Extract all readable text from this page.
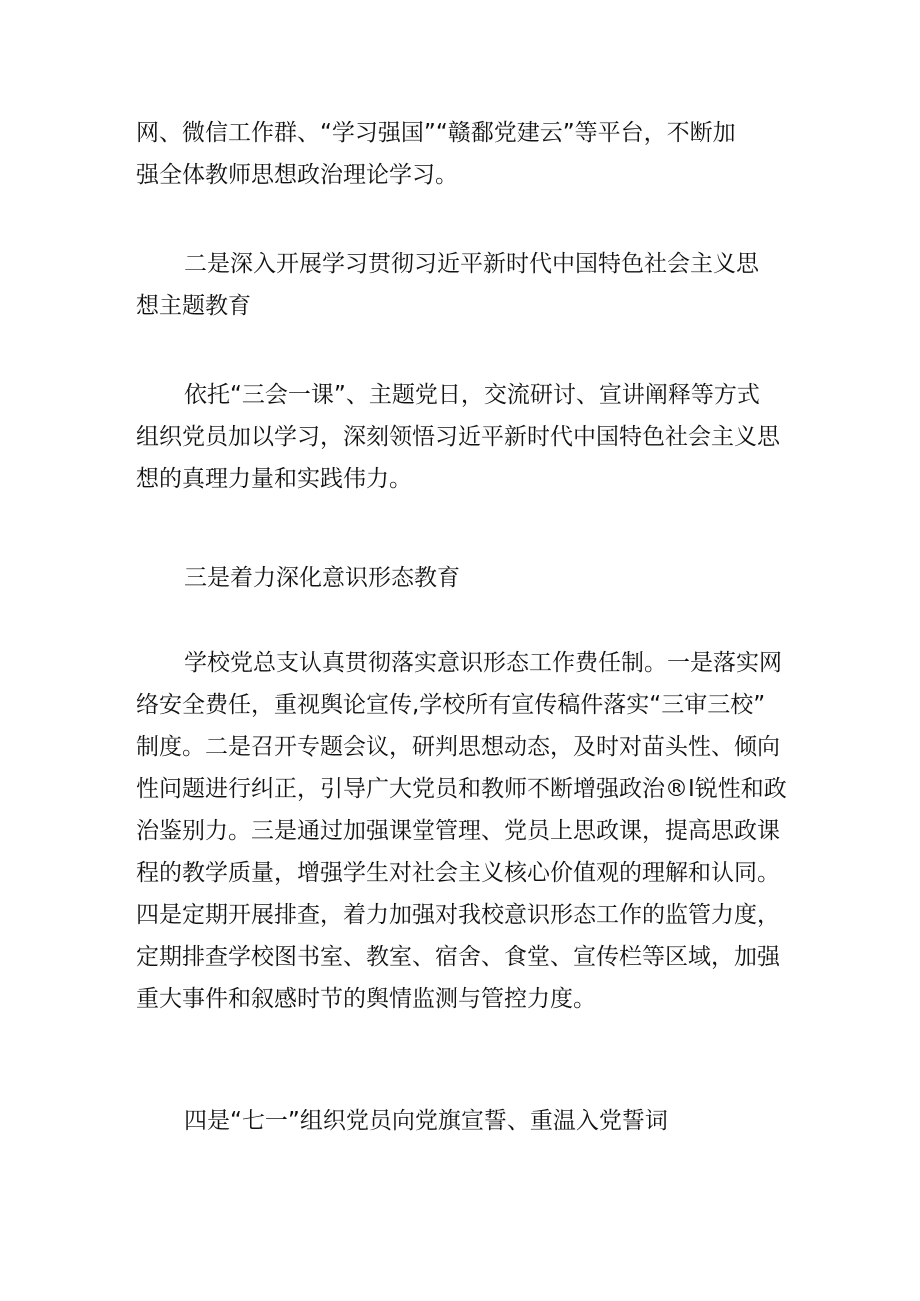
网、微信工作群、“学习强国”“赣鄱党建云”等平台，不断加
强全体教师思想政治理论学习。
二是深入开展学习贯彻习近平新时代中国特色社会主义思
想主题教育
依托“三会一课”、主题党日，交流研讨、宣讲阐释等方式
组织党员加以学习，深刻领悟习近平新时代中国特色社会主义思
想的真理力量和实践伟力。
三是着力深化意识形态教育
学校党总支认真贯彻落实意识形态工作费任制。一是落实网
络安全费任，重视舆论宣传,学校所有宣传稿件落实“三审三校”
制度。二是召开专题会议，研判思想动态，及时对苗头性、倾向
性问题进行纠正，引导广大党员和教师不断增强政治®I锐性和政
治鉴别力。三是通过加强课堂管理、党员上思政课，提高思政课
程的教学质量，增强学生对社会主义核心价值观的理解和认同。
四是定期开展排查，着力加强对我校意识形态工作的监管力度，
定期排查学校图书室、教室、宿舍、食堂、宣传栏等区域，加强
重大事件和叙感时节的舆情监测与管控力度。
四是“七一”组织党员向党旗宣誓、重温入党誓词
